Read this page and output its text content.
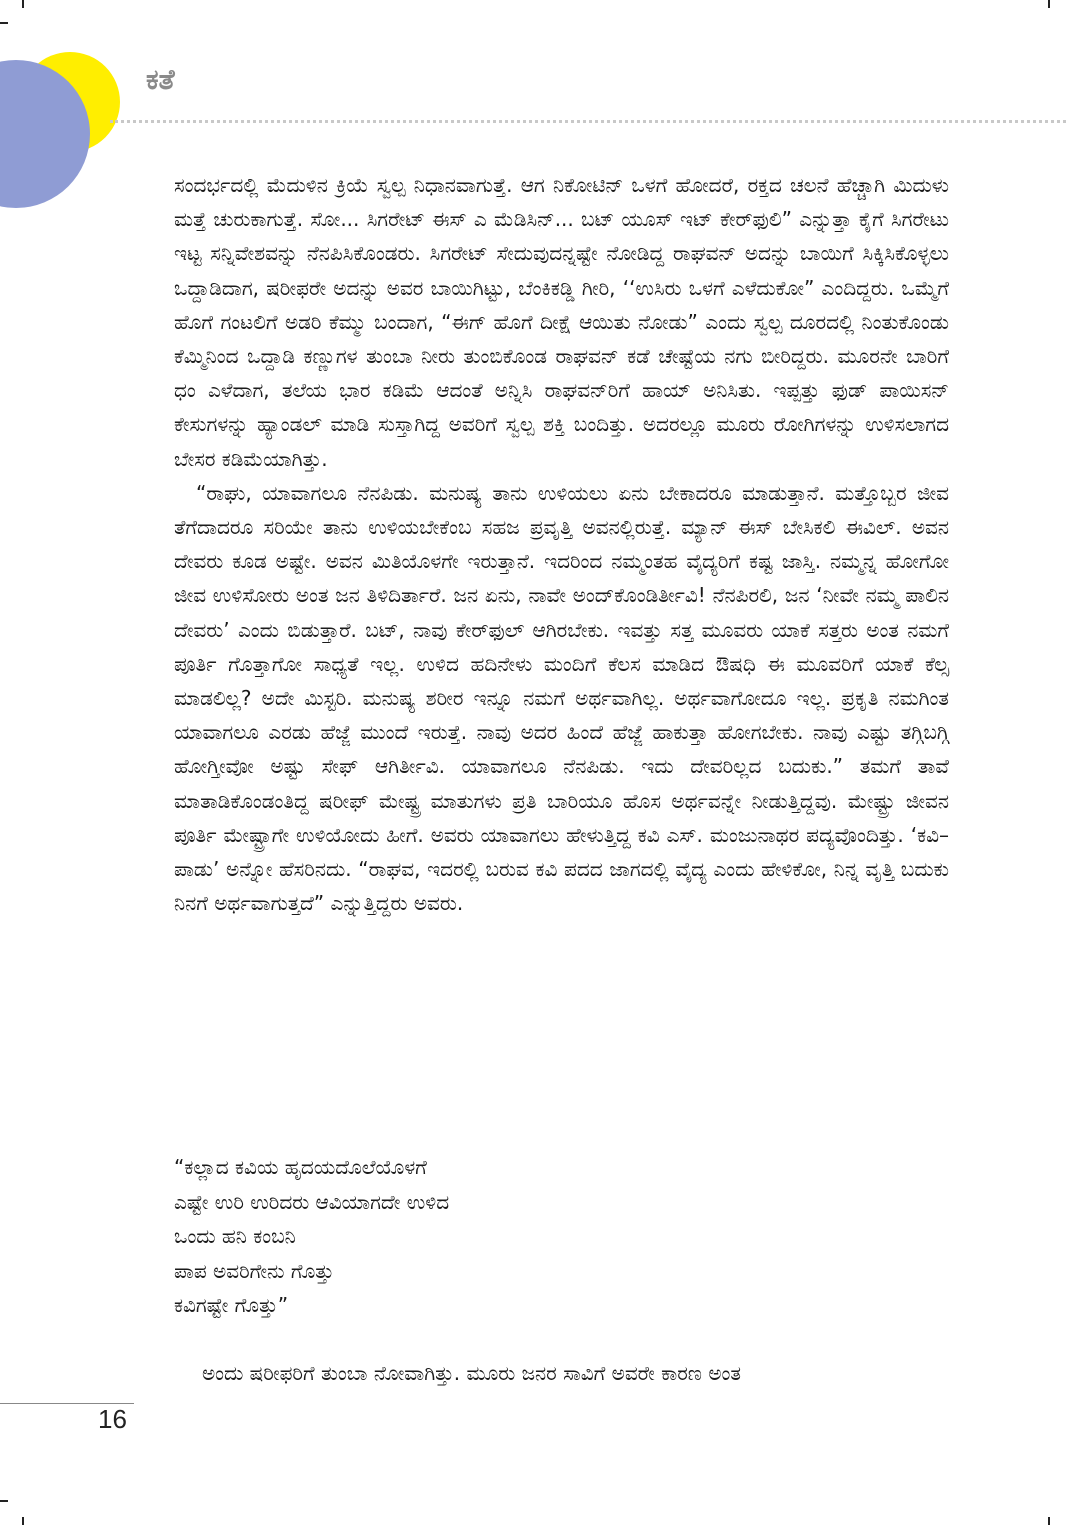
ಕತೆ

ಸಂದರ್ಭದಲ್ಲಿ ಮೆದುಳಿನ ಕ್ರಿಯೆ ಸ್ವಲ್ಪ ನಿಧಾನವಾಗುತ್ತೆ. ಆಗ ನಿಕೋಟಿನ್ ಒಳಗೆ ಹೋದರೆ, ರಕ್ತದ ಚಲನೆ ಹೆಚ್ಚಾಗಿ ಮಿದುಳು ಮತ್ತೆ ಚುರುಕಾಗುತ್ತೆ. ಸೋ... ಸಿಗರೇಟ್ ಈಸ್ ಎ ಮೆಡಿಸಿನ್... ಬಟ್ ಯೂಸ್ ಇಟ್ ಕೇರ್‌ಫುಲಿ” ಎನ್ನುತ್ತಾ ಕೈಗೆ ಸಿಗರೇಟು ಇಟ್ಟ ಸನ್ನಿವೇಶವನ್ನು ನೆನಪಿಸಿಕೊಂಡರು. ಸಿಗರೇಟ್ ಸೇದುವುದನ್ನಷ್ಟೇ ನೋಡಿದ್ದ ರಾಘವನ್ ಅದನ್ನು ಬಾಯಿಗೆ ಸಿಕ್ಕಿಸಿಕೊಳ್ಳಲು ಒದ್ದಾಡಿದಾಗ, ಷರೀಫರೇ ಅದನ್ನು ಅವರ ಬಾಯಿಗಿಟ್ಟು, ಬೆಂಕಿಕಡ್ಡಿ ಗೀರಿ, ‘‘ಉಸಿರು ಒಳಗೆ ಎಳೆದುಕೋ” ಎಂದಿದ್ದರು. ಒಮ್ಮೆಗೆ ಹೊಗೆ ಗಂಟಲಿಗೆ ಅಡರಿ ಕೆಮ್ಮು ಬಂದಾಗ, “ಈಗ್ ಹೊಗೆ ದೀಕ್ಷೆ ಆಯಿತು ನೋಡು” ಎಂದು ಸ್ವಲ್ಪ ದೂರದಲ್ಲಿ ನಿಂತುಕೊಂಡು ಕೆಮ್ಮಿನಿಂದ ಒದ್ದಾಡಿ ಕಣ್ಣುಗಳ ತುಂಬಾ ನೀರು ತುಂಬಿಕೊಂಡ ರಾಘವನ್ ಕಡೆ ಚೇಷ್ಟೆಯ ನಗು ಬೀರಿದ್ದರು. ಮೂರನೇ ಬಾರಿಗೆ ಧಂ ಎಳೆದಾಗ, ತಲೆಯ ಭಾರ ಕಡಿಮೆ ಆದಂತೆ ಅನ್ನಿಸಿ ರಾಘವನ್‌ರಿಗೆ ಹಾಯ್ ಅನಿಸಿತು. ಇಪ್ಪತ್ತು ಫುಡ್ ಪಾಯಿಸನ್ ಕೇಸುಗಳನ್ನು ಹ್ಯಾಂಡಲ್ ಮಾಡಿ ಸುಸ್ತಾಗಿದ್ದ ಅವರಿಗೆ ಸ್ವಲ್ಪ ಶಕ್ತಿ ಬಂದಿತ್ತು. ಅದರಲ್ಲೂ ಮೂರು ರೋಗಿಗಳನ್ನು ಉಳಿಸಲಾಗದ ಬೇಸರ ಕಡಿಮೆಯಾಗಿತ್ತು.

“ರಾಘು, ಯಾವಾಗಲೂ ನೆನಪಿಡು. ಮನುಷ್ಯ ತಾನು ಉಳಿಯಲು ಏನು ಬೇಕಾದರೂ ಮಾಡುತ್ತಾನೆ. ಮತ್ತೊಬ್ಬರ ಜೀವ ತೆಗೆದಾದರೂ ಸರಿಯೇ ತಾನು ಉಳಿಯಬೇಕೆಂಬ ಸಹಜ ಪ್ರವೃತ್ತಿ ಅವನಲ್ಲಿರುತ್ತೆ. ಮ್ಯಾನ್ ಈಸ್ ಬೇಸಿಕಲಿ ಈವಿಲ್. ಅವನ ದೇವರು ಕೂಡ ಅಷ್ಟೇ. ಅವನ ಮಿತಿಯೊಳಗೇ ಇರುತ್ತಾನೆ. ಇದರಿಂದ ನಮ್ಮಂತಹ ವೈದ್ಯರಿಗೆ ಕಷ್ಟ ಜಾಸ್ತಿ. ನಮ್ಮನ್ನ ಹೋಗೋ ಜೀವ ಉಳಿಸೋರು ಅಂತ ಜನ ತಿಳಿದಿರ್ತಾರೆ. ಜನ ಏನು, ನಾವೇ ಅಂದ್‌ಕೊಂಡಿರ್ತೀವಿ! ನೆನಪಿರಲಿ, ಜನ ‘ನೀವೇ ನಮ್ಮ ಪಾಲಿನ ದೇವರು’ ಎಂದು ಬಿಡುತ್ತಾರೆ. ಬಟ್, ನಾವು ಕೇರ್‌ಫುಲ್ ಆಗಿರಬೇಕು. ಇವತ್ತು ಸತ್ತ ಮೂವರು ಯಾಕೆ ಸತ್ತರು ಅಂತ ನಮಗೆ ಪೂರ್ತಿ ಗೊತ್ತಾಗೋ ಸಾಧ್ಯತೆ ಇಲ್ಲ. ಉಳಿದ ಹದಿನೇಳು ಮಂದಿಗೆ ಕೆಲಸ ಮಾಡಿದ ಔಷಧಿ ಈ ಮೂವರಿಗೆ ಯಾಕೆ ಕೆಲ್ಸ ಮಾಡಲಿಲ್ಲ? ಅದೇ ಮಿಸ್ಟರಿ. ಮನುಷ್ಯ ಶರೀರ ಇನ್ನೂ ನಮಗೆ ಅರ್ಥವಾಗಿಲ್ಲ. ಅರ್ಥವಾಗೋದೂ ಇಲ್ಲ. ಪ್ರಕೃತಿ ನಮಗಿಂತ ಯಾವಾಗಲೂ ಎರಡು ಹೆಜ್ಜೆ ಮುಂದೆ ಇರುತ್ತೆ. ನಾವು ಅದರ ಹಿಂದೆ ಹೆಜ್ಜೆ ಹಾಕುತ್ತಾ ಹೋಗಬೇಕು. ನಾವು ಎಷ್ಟು ತಗ್ಗಿಬಗ್ಗಿ ಹೋಗ್ತೀವೋ ಅಷ್ಟು ಸೇಫ್ ಆಗಿರ್ತೀವಿ. ಯಾವಾಗಲೂ ನೆನಪಿಡು. ಇದು ದೇವರಿಲ್ಲದ ಬದುಕು.” ತಮಗೆ ತಾವೆ ಮಾತಾಡಿಕೊಂಡಂತಿದ್ದ ಷರೀಫ್ ಮೇಷ್ಟ್ರ ಮಾತುಗಳು ಪ್ರತಿ ಬಾರಿಯೂ ಹೊಸ ಅರ್ಥವನ್ನೇ ನೀಡುತ್ತಿದ್ದವು. ಮೇಷ್ಟ್ರು ಜೀವನ ಪೂರ್ತಿ ಮೇಷ್ಟ್ರಾಗೇ ಉಳಿಯೋದು ಹೀಗೆ. ಅವರು ಯಾವಾಗಲು ಹೇಳುತ್ತಿದ್ದ ಕವಿ ಎಸ್. ಮಂಜುನಾಥರ ಪದ್ಯವೊಂದಿತ್ತು. ‘ಕವಿ–ಪಾಡು’ ಅನ್ನೋ ಹೆಸರಿನದು. “ರಾಘವ, ಇದರಲ್ಲಿ ಬರುವ ಕವಿ ಪದದ ಜಾಗದಲ್ಲಿ ವೈದ್ಯ ಎಂದು ಹೇಳಿಕೋ, ನಿನ್ನ ವೃತ್ತಿ ಬದುಕು ನಿನಗೆ ಅರ್ಥವಾಗುತ್ತದೆ” ಎನ್ನುತ್ತಿದ್ದರು ಅವರು.

“ಕಲ್ಲಾದ ಕವಿಯ ಹೃದಯದೊಲೆಯೊಳಗೆ
ಎಷ್ಟೇ ಉರಿ ಉರಿದರು ಆವಿಯಾಗದೇ ಉಳಿದ
ಒಂದು ಹನಿ ಕಂಬನಿ
ಪಾಪ ಅವರಿಗೇನು ಗೊತ್ತು
ಕವಿಗಷ್ಟೇ ಗೊತ್ತು”

ಅಂದು ಷರೀಫರಿಗೆ ತುಂಬಾ ನೋವಾಗಿತ್ತು. ಮೂರು ಜನರ ಸಾವಿಗೆ ಅವರೇ ಕಾರಣ ಅಂತ

16
